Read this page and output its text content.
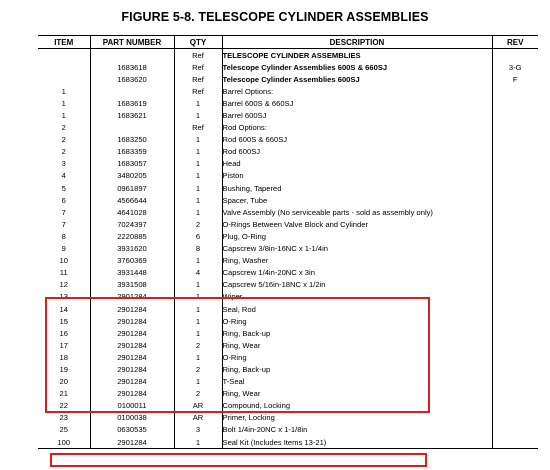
FIGURE 5-8. TELESCOPE CYLINDER ASSEMBLIES
ITEM	PART NUMBER	QTY	DESCRIPTION	REV
		Ref	TELESCOPE CYLINDER ASSEMBLIES	
	1683618	Ref	Telescope Cylinder Assemblies 600S & 660SJ	3-G
	1683620	Ref	Telescope Cylinder Assemblies 600SJ	F
1		Ref	Barrel Options:	
1	1683619	1	Barrel 600S & 660SJ	
1	1683621	1	Barrel 600SJ	
2		Ref	Rod Options:	
2	1683250	1	Rod 600S & 660SJ	
2	1683359	1	Rod 600SJ	
3	1683057	1	Head	
4	3480205	1	Piston	
5	0961897	1	Bushing, Tapered	
6	4566644	1	Spacer, Tube	
7	4641028	1	Valve Assembly (No serviceable parts - sold as assembly only)	
7	7024397	2	O-Rings Between Valve Block and Cylinder	
8	2220885	6	Plug, O-Ring	
9	3931620	8	Capscrew 3/8in-16NC x 1-1/4in	
10	3760369	1	Ring, Washer	
11	3931448	4	Capscrew 1/4in-20NC x 3in	
12	3931508	1	Capscrew 5/16in-18NC x 1/2in	
13	2901284	1	Wiper	
14	2901284	1	Seal, Rod	
15	2901284	1	O-Ring	
16	2901284	1	Ring, Back-up	
17	2901284	2	Ring, Wear	
18	2901284	1	O-Ring	
19	2901284	2	Ring, Back-up	
20	2901284	1	T-Seal	
21	2901284	2	Ring, Wear	
22	0100011	AR	Compound, Locking	
23	0100038	AR	Primer, Locking	
25	0630535	3	Bolt 1/4in-20NC x 1-1/8in	
100	2901284	1	Seal Kit (Includes Items 13-21)	
